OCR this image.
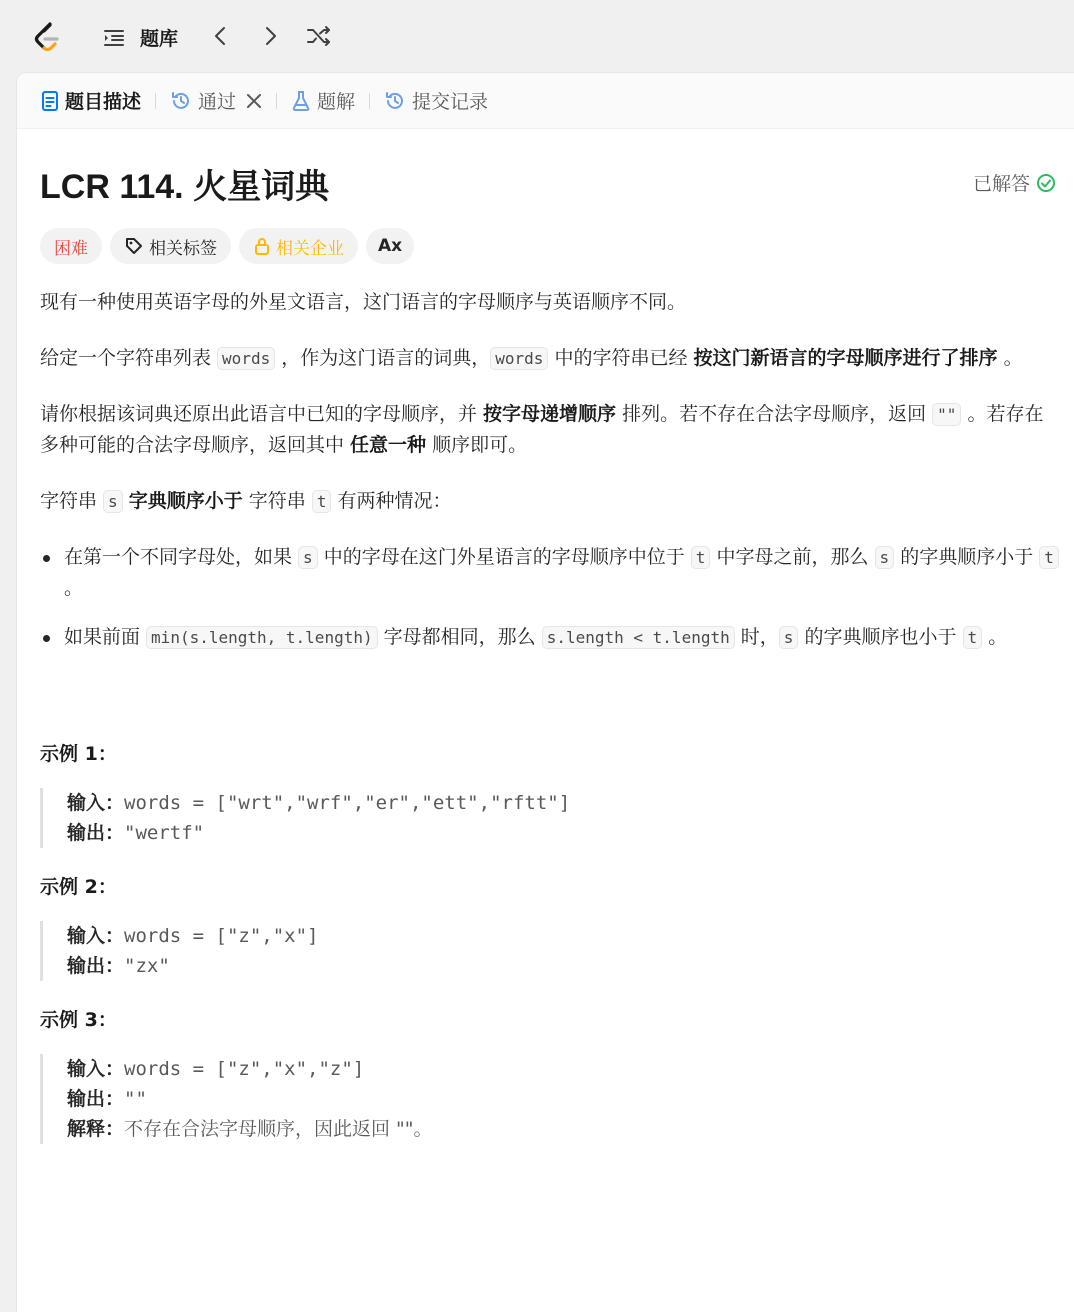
题库
题目描述	通过	题解	提交记录
LCR 114. 火星词典	已解答
困难	相关标签	相关企业 Ax

现有一种使用英语字母的外星文语言，这门语言的字母顺序与英语顺序不同。

给定一个字符串列表 words ，作为这门语言的词典， words 中的字符串已经 按这门新语言的字母顺序进行了排序 。

请你根据该词典还原出此语言中已知的字母顺序，并 按字母递增顺序 排列。若不存在合法字母顺序，返回 "" 。若存在多种可能的合法字母顺序，返回其中 任意一种 顺序即可。

字符串 s 字典顺序小于 字符串 t 有两种情况：

在第一个不同字母处，如果 s 中的字母在这门外星语言的字母顺序中位于 t 中字母之前，那么 s 的字典顺序小于 t 。
如果前面 min(s.length, t.length) 字母都相同，那么 s.length < t.length 时， s 的字典顺序也小于 t 。
示例 1：
输入：words = ["wrt","wrf","er","ett","rftt"]
输出："wertf"
示例 2：
输入：words = ["z","x"]
输出："zx"
示例 3：
输入：words = ["z","x","z"]
输出：""
解释：不存在合法字母顺序，因此返回 ""。
